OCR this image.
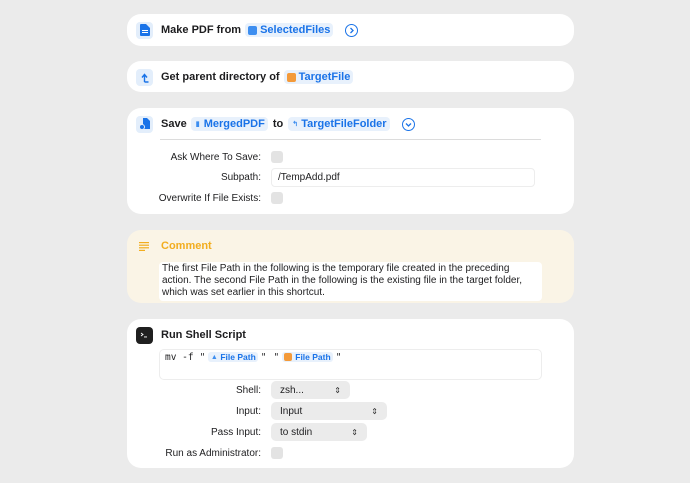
Make PDF from SelectedFiles
Get parent directory of TargetFile
Save ▮ MergedPDF to ↰ TargetFileFolder
Ask Where To Save:
Subpath:	/TempAdd.pdf
Overwrite If File Exists:
Comment
The first File Path in the following is the temporary file created in the preceding action. The second File Path in the following is the existing file in the target folder, which was set earlier in this shortcut.
Run Shell Script
mv -f " ▲ File Path " " File Path "
Shell:	zsh...	⇕
Input:	Input	⇕
Pass Input:	to stdin	⇕
Run as Administrator:
